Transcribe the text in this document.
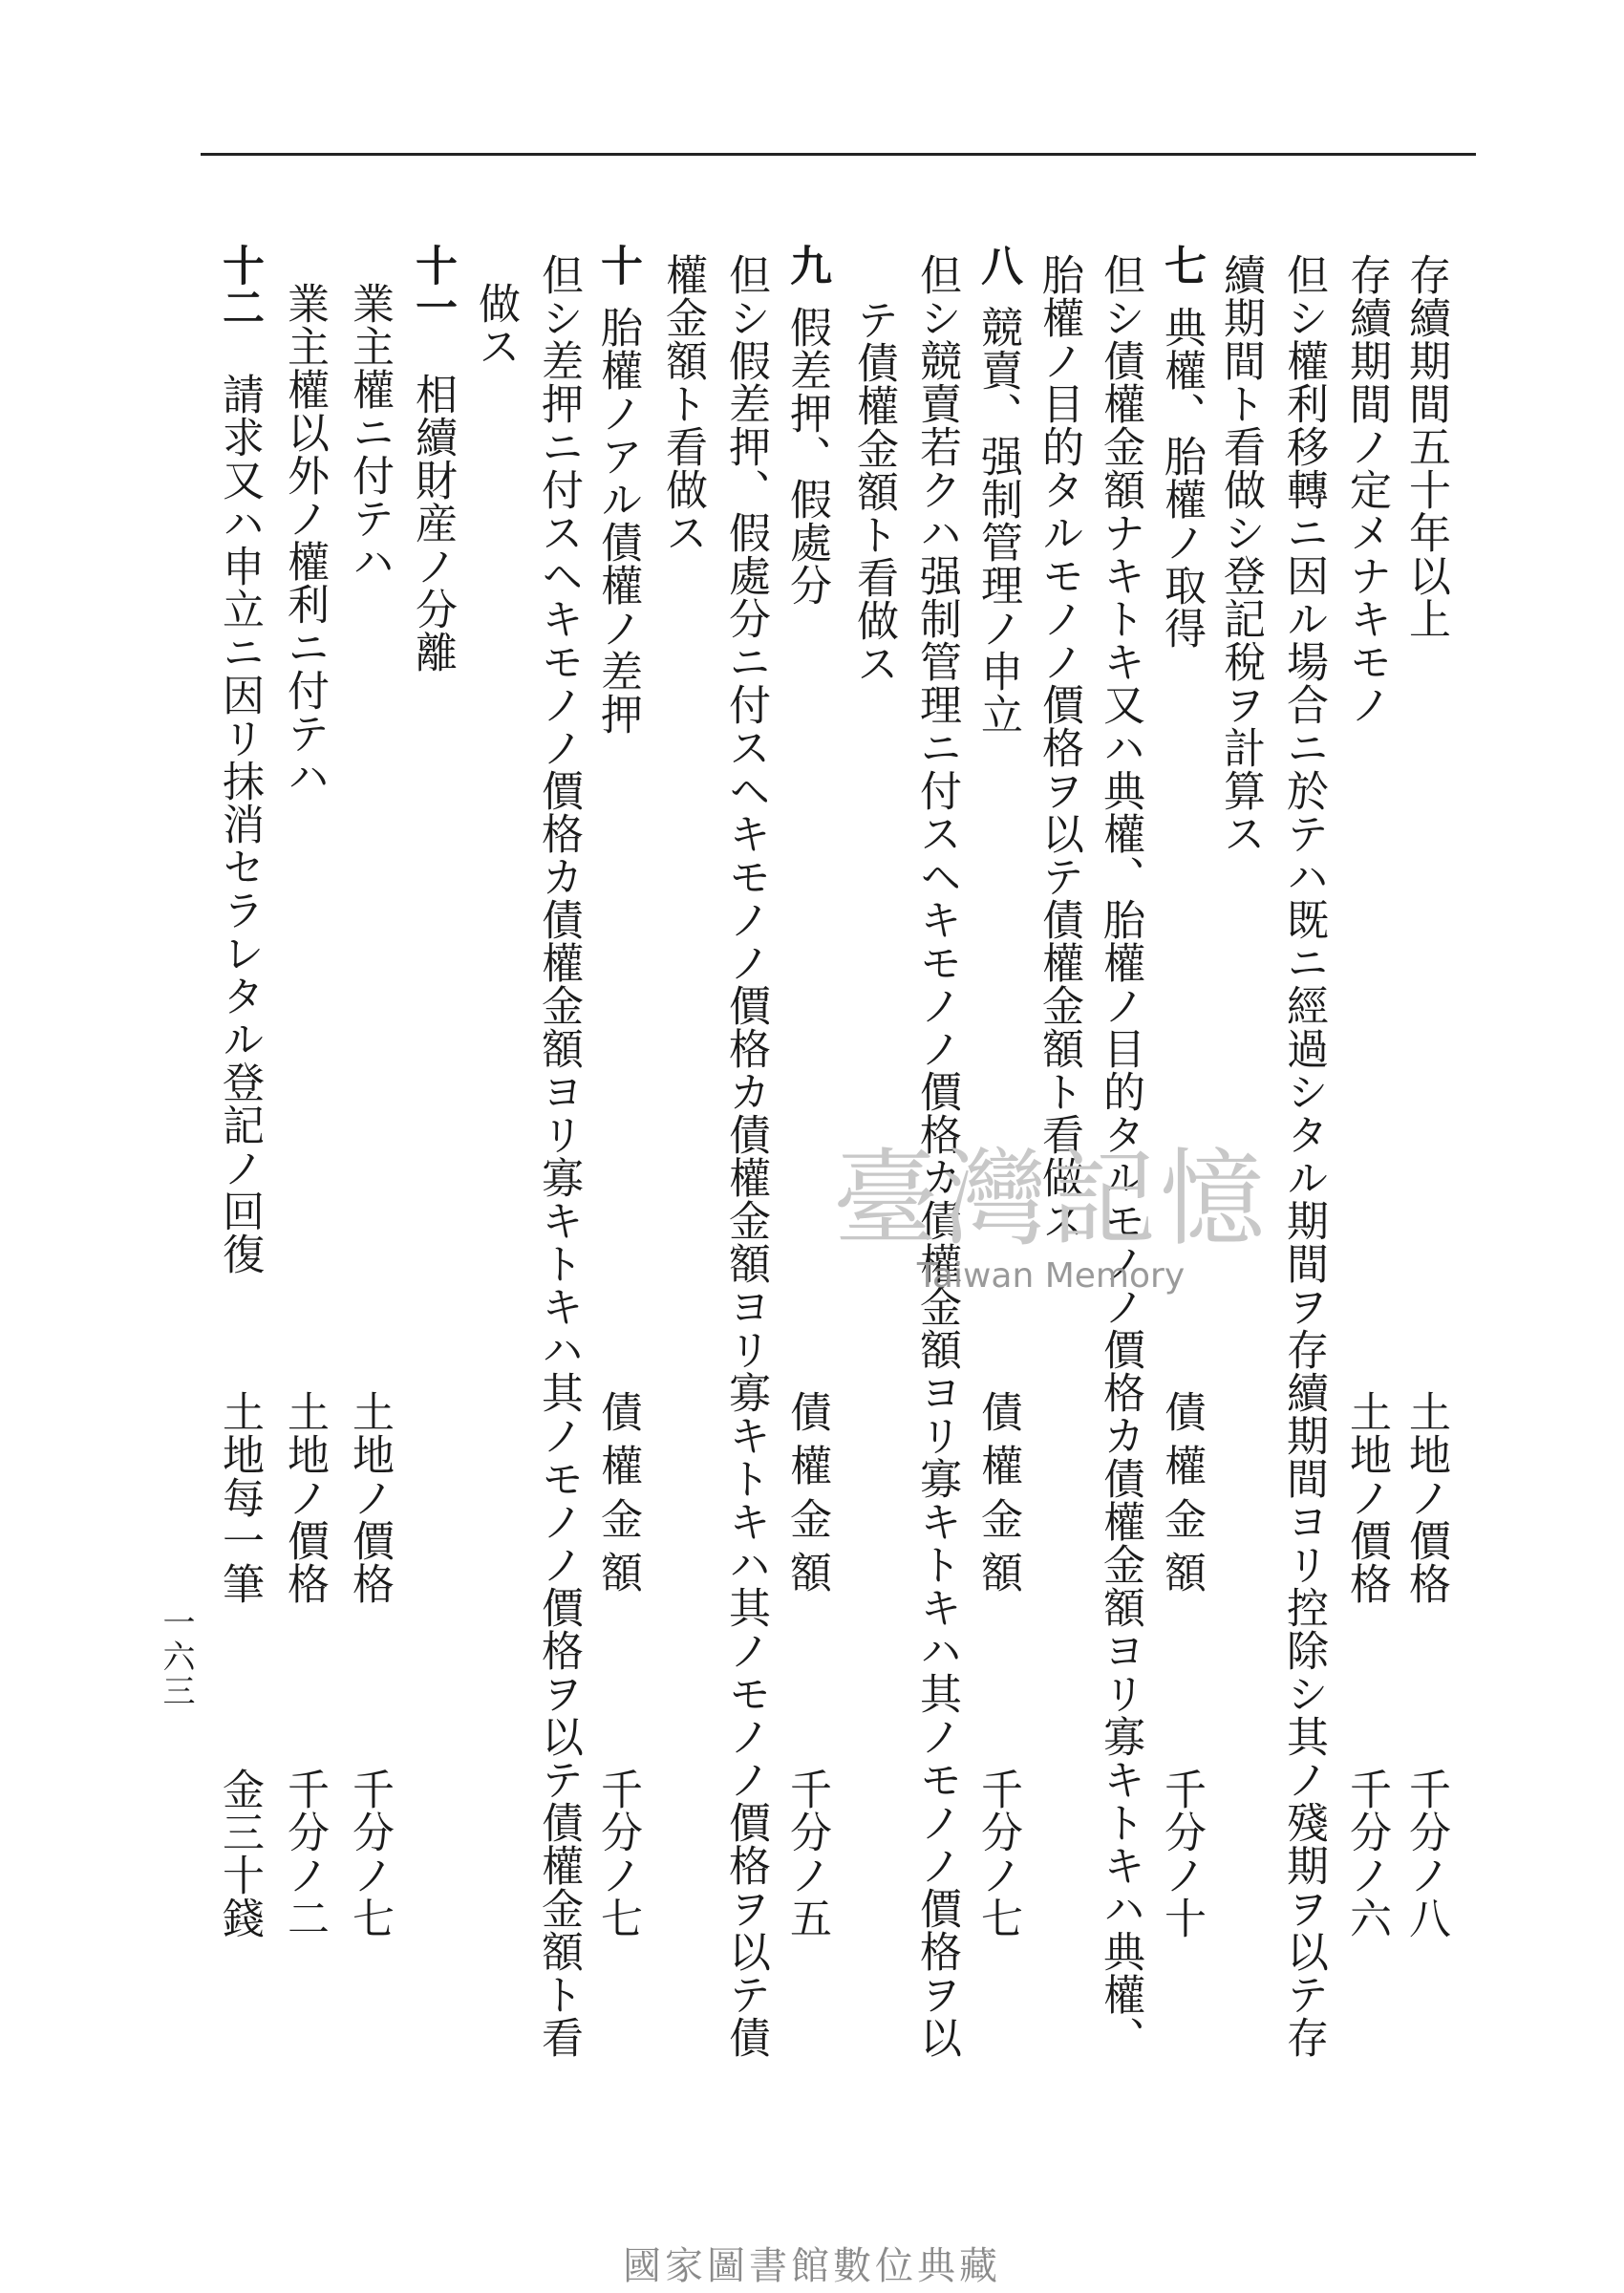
存續期間五十年以上
存續期間ノ定メナキモノ
但シ權利移轉ニ因ル場合ニ於テハ既ニ經過シタル期間ヲ存續期間ヨリ控除シ其ノ殘期ヲ以テ存
續期間ト看做シ登記稅ヲ計算ス
典權、胎權ノ取得
但シ債權金額ナキトキ又ハ典權、胎權ノ目的タルモノノ價格カ債權金額ヨリ寡キトキハ典權、
胎權ノ目的タルモノノ價格ヲ以テ債權金額ト看做ス
競賣、强制管理ノ申立
但シ競賣若クハ强制管理ニ付スヘキモノノ價格カ債權金額ヨリ寡キトキハ其ノモノノ價格ヲ以
テ債權金額ト看做ス
假差押、假處分
但シ假差押、假處分ニ付スヘキモノノ價格カ債權金額ヨリ寡キトキハ其ノモノノ價格ヲ以テ債
權金額ト看做ス
胎權ノアル債權ノ差押
但シ差押ニ付スヘキモノノ價格カ債權金額ヨリ寡キトキハ其ノモノノ價格ヲ以テ債權金額ト看
做ス
相續財産ノ分離
業主權ニ付テハ
業主權以外ノ權利ニ付テハ
請求又ハ申立ニ因リ抹消セラレタル登記ノ回復
七
八
九
十
十一
十二
土地ノ價格
土地ノ價格
債權金額
債權金額
債權金額
債權金額
土地ノ價格
土地ノ價格
土地每一筆
千分ノ八
千分ノ六
千分ノ十
千分ノ七
千分ノ五
千分ノ七
千分ノ七
千分ノ二
金三十錢
一六三
臺灣記憶
Taiwan Memory
國家圖書館數位典藏
